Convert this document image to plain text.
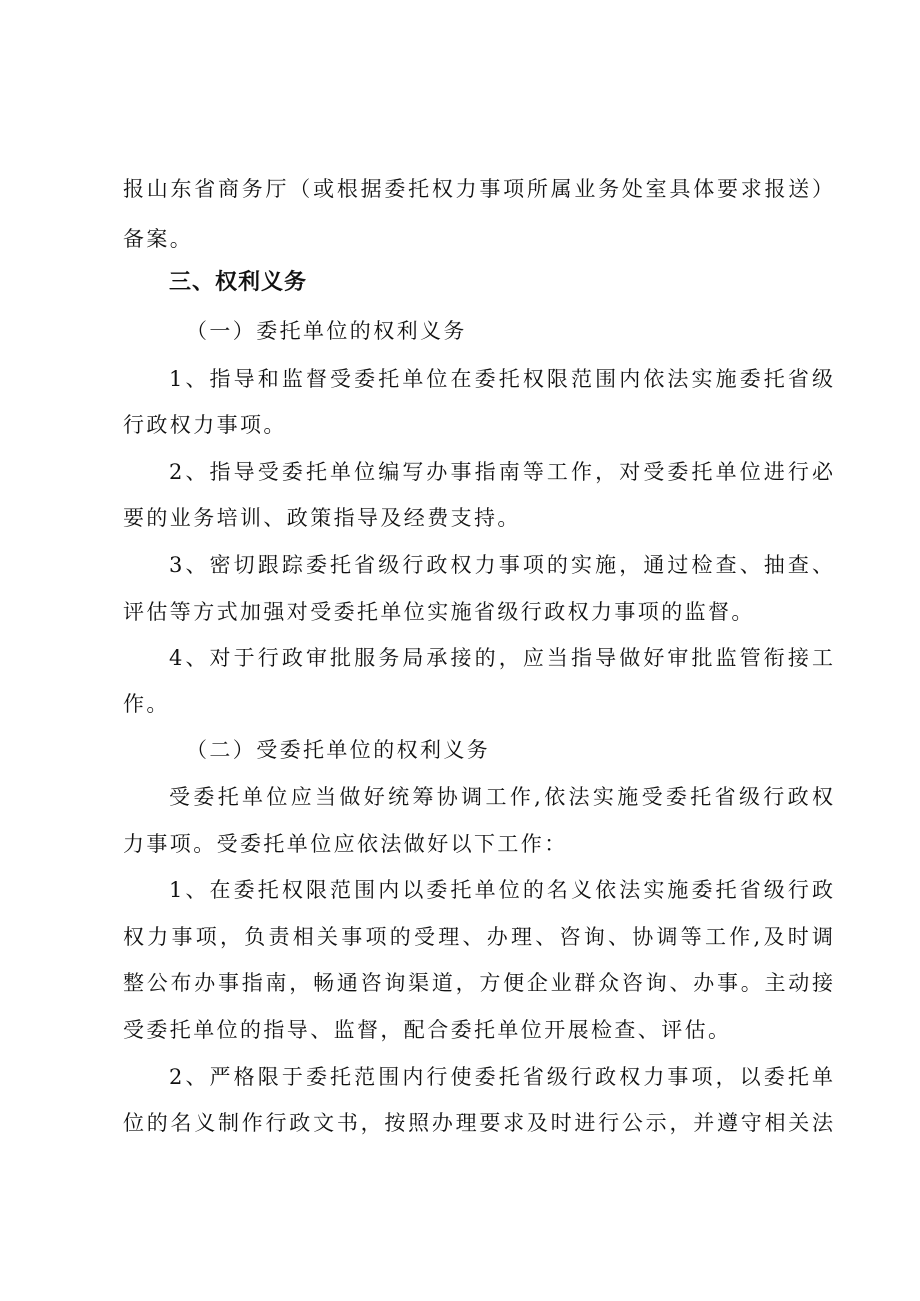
报山东省商务厅（或根据委托权力事项所属业务处室具体要求报送）
备案。
三、权利义务
（一）委托单位的权利义务
1、指导和监督受委托单位在委托权限范围内依法实施委托省级
行政权力事项。
2、指导受委托单位编写办事指南等工作，对受委托单位进行必
要的业务培训、政策指导及经费支持。
3、密切跟踪委托省级行政权力事项的实施，通过检查、抽查、
评估等方式加强对受委托单位实施省级行政权力事项的监督。
4、对于行政审批服务局承接的，应当指导做好审批监管衔接工
作。
（二）受委托单位的权利义务
受委托单位应当做好统筹协调工作,依法实施受委托省级行政权
力事项。受委托单位应依法做好以下工作：
1、在委托权限范围内以委托单位的名义依法实施委托省级行政
权力事项，负责相关事项的受理、办理、咨询、协调等工作,及时调
整公布办事指南，畅通咨询渠道，方便企业群众咨询、办事。主动接
受委托单位的指导、监督，配合委托单位开展检查、评估。
2、严格限于委托范围内行使委托省级行政权力事项，以委托单
位的名义制作行政文书，按照办理要求及时进行公示，并遵守相关法
